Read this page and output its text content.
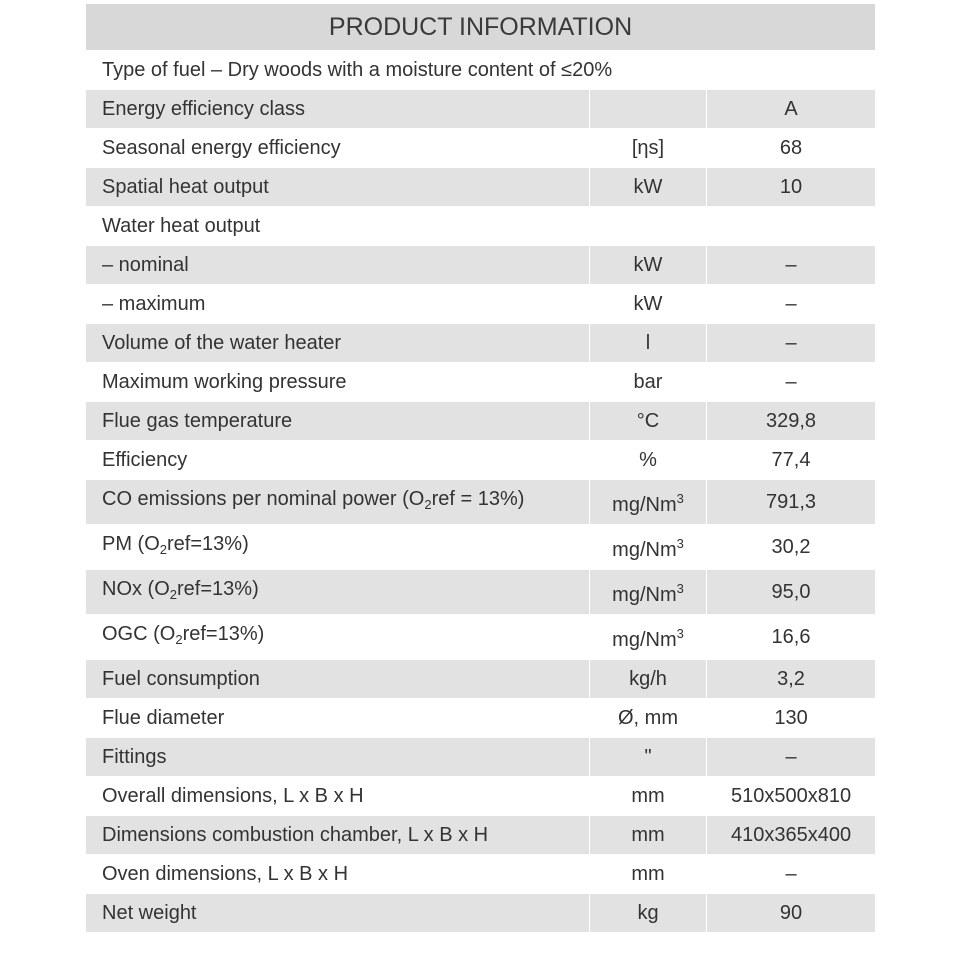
PRODUCT INFORMATION		
Type of fuel – Dry woods with a moisture content of ≤20%		
Energy efficiency class		A
Seasonal energy efficiency	[ηs]	68
Spatial heat output	kW	10
Water heat output		
– nominal	kW	–
– maximum	kW	–
Volume of the water heater	l	–
Maximum working pressure	bar	–
Flue gas temperature	°C	329,8
Efficiency	%	77,4
CO emissions per nominal power $(O_2ref = 13\%)$	mg/Nm$^3$	791,3
PM $(O_2ref=13\%)$	mg/Nm$^3$	30,2
NOx $(O_2ref=13\%)$	mg/Nm$^3$	95,0
OGC $(O_2ref=13\%)$	mg/Nm$^3$	16,6
Fuel consumption	kg/h	3,2
Flue diameter	Ø, mm	130
Fittings	"	–
Overall dimensions, L x B x H	mm	510x500x810
Dimensions combustion chamber, L x B x H	mm	410x365x400
Oven dimensions, L x B x H	mm	–
Net weight	kg	90
